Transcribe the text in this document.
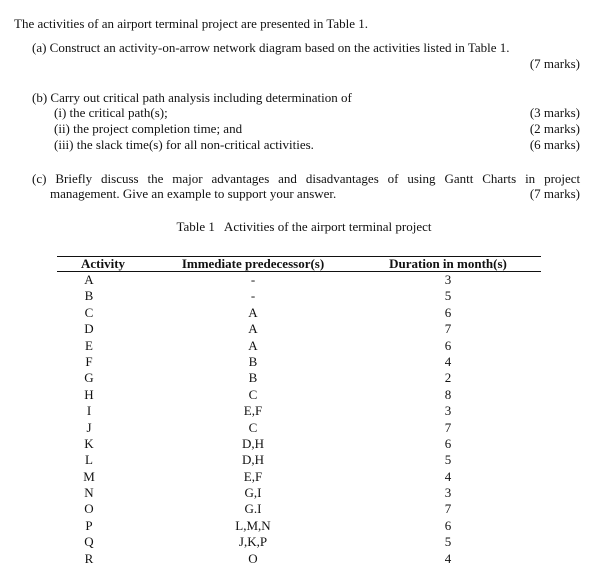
The activities of an airport terminal project are presented in Table 1.
(a) Construct an activity-on-arrow network diagram based on the activities listed in Table 1.
(7 marks)
(b) Carry out critical path analysis including determination of
(i) the critical path(s);	(3 marks)
(ii) the project completion time; and	(2 marks)
(iii) the slack time(s) for all non-critical activities.	(6 marks)
(c) Briefly discuss the major advantages and disadvantages of using Gantt Charts in project
management. Give an example to support your answer.	(7 marks)
Table 1   Activities of the airport terminal project
Activity	Immediate predecessor(s)	Duration in month(s)
A	-	3
B	-	5
C	A	6
D	A	7
E	A	6
F	B	4
G	B	2
H	C	8
I	E,F	3
J	C	7
K	D,H	6
L	D,H	5
M	E,F	4
N	G,I	3
O	G.I	7
P	L,M,N	6
Q	J,K,P	5
R	O	4
